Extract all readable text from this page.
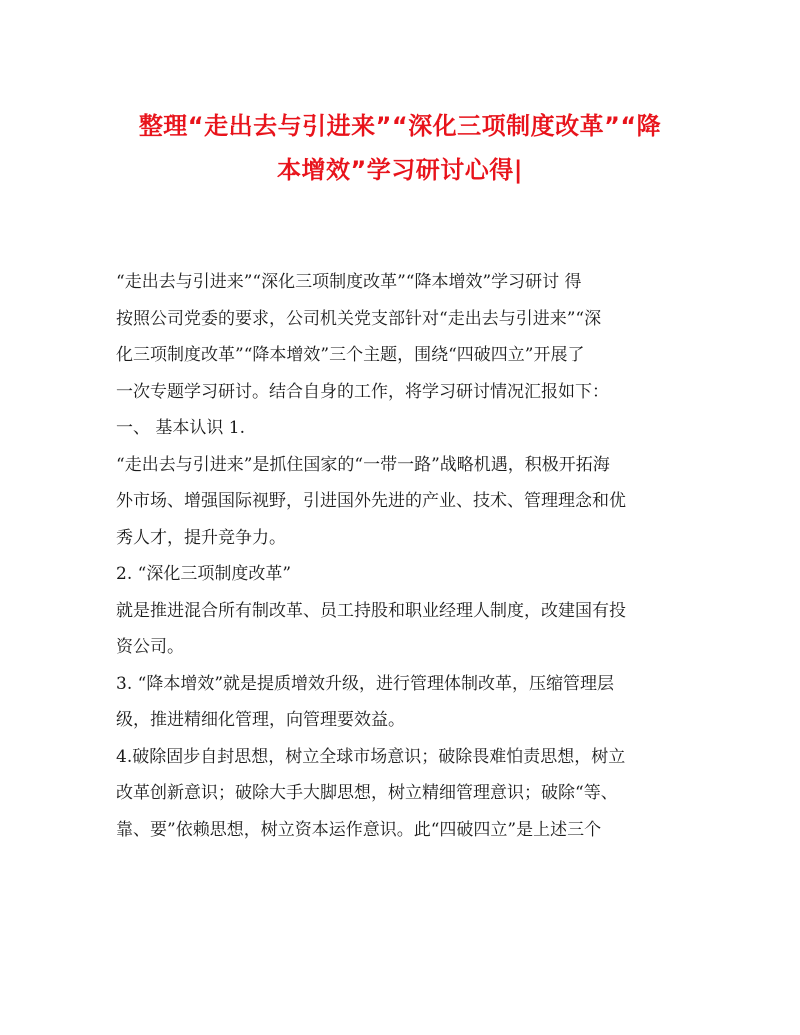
整理“走出去与引进来”“深化三项制度改革”“降
本增效”学习研讨心得|
“走出去与引进来”“深化三项制度改革”“降本增效”学习研讨 得
按照公司党委的要求，公司机关党支部针对“走出去与引进来”“深
化三项制度改革”“降本增效”三个主题，围绕“四破四立”开展了
一次专题学习研讨。结合自身的工作，将学习研讨情况汇报如下：
一、 基本认识 1.
“走出去与引进来”是抓住国家的“一带一路”战略机遇，积极开拓海
外市场、增强国际视野，引进国外先进的产业、技术、管理理念和优
秀人才，提升竞争力。
2. “深化三项制度改革”
就是推进混合所有制改革、员工持股和职业经理人制度，改建国有投
资公司。
3. “降本增效”就是提质增效升级，进行管理体制改革，压缩管理层
级，推进精细化管理，向管理要效益。
4.破除固步自封思想，树立全球市场意识；破除畏难怕责思想，树立
改革创新意识；破除大手大脚思想，树立精细管理意识；破除“等、
靠、要”依赖思想，树立资本运作意识。此“四破四立”是上述三个
